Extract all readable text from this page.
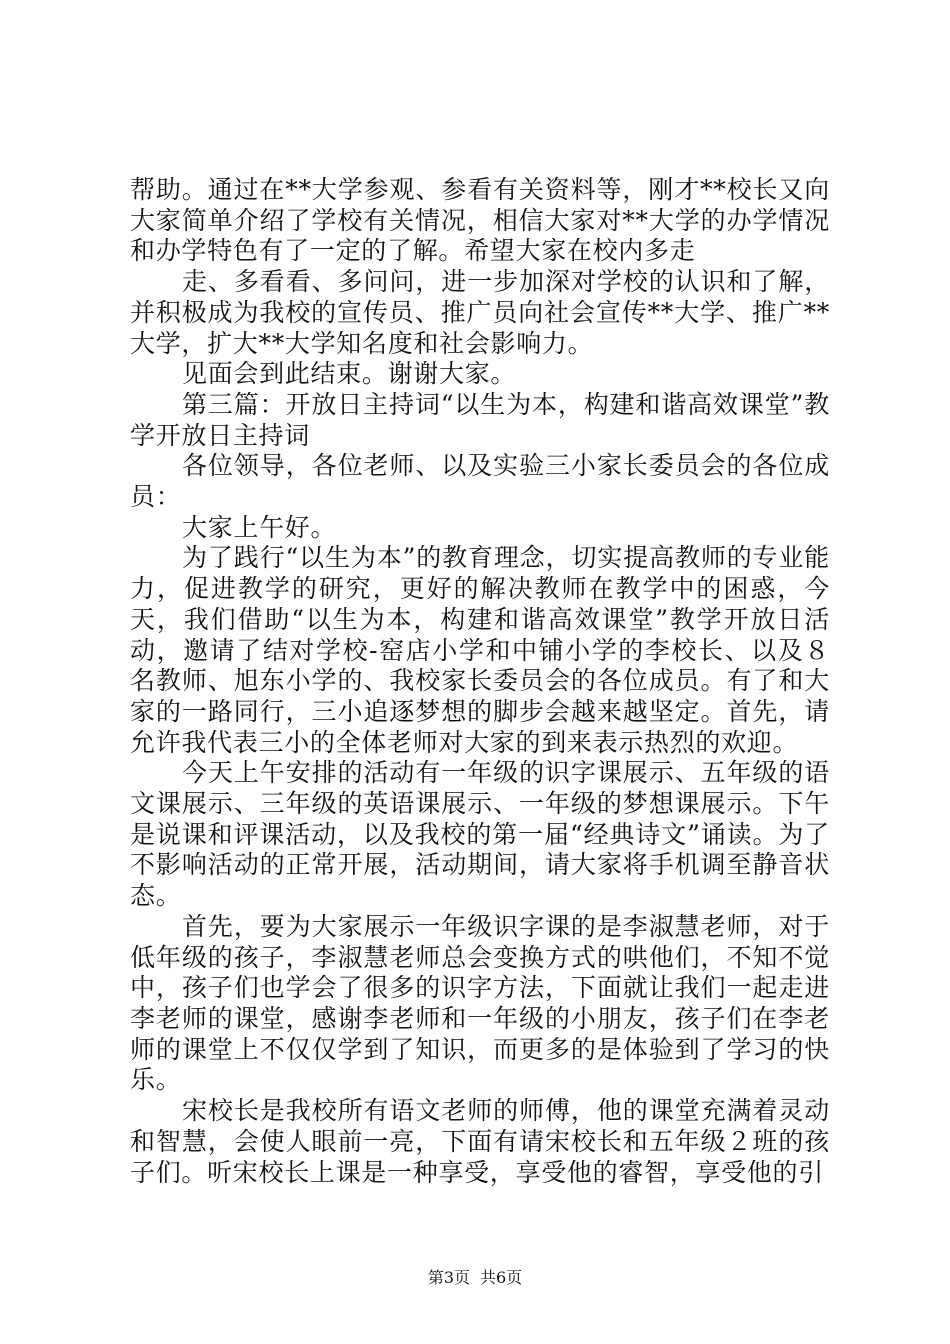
帮助。通过在**大学参观、参看有关资料等，刚才**校长又向大家简单介绍了学校有关情况，相信大家对**大学的办学情况和办学特色有了一定的了解。希望大家在校内多走

走、多看看、多问问，进一步加深对学校的认识和了解，并积极成为我校的宣传员、推广员向社会宣传**大学、推广**大学，扩大**大学知名度和社会影响力。

见面会到此结束。谢谢大家。

第三篇：开放日主持词“以生为本，构建和谐高效课堂”教学开放日主持词

各位领导，各位老师、以及实验三小家长委员会的各位成员：

大家上午好。

为了践行“以生为本”的教育理念，切实提高教师的专业能力，促进教学的研究，更好的解决教师在教学中的困惑，今天，我们借助“以生为本，构建和谐高效课堂”教学开放日活动，邀请了结对学校-窑店小学和中铺小学的李校长、以及８名教师、旭东小学的、我校家长委员会的各位成员。有了和大家的一路同行，三小追逐梦想的脚步会越来越坚定。首先，请允许我代表三小的全体老师对大家的到来表示热烈的欢迎。

今天上午安排的活动有一年级的识字课展示、五年级的语文课展示、三年级的英语课展示、一年级的梦想课展示。下午是说课和评课活动，以及我校的第一届“经典诗文”诵读。为了不影响活动的正常开展，活动期间，请大家将手机调至静音状态。

首先，要为大家展示一年级识字课的是李淑慧老师，对于低年级的孩子，李淑慧老师总会变换方式的哄他们，不知不觉中，孩子们也学会了很多的识字方法，下面就让我们一起走进李老师的课堂，感谢李老师和一年级的小朋友，孩子们在李老师的课堂上不仅仅学到了知识，而更多的是体验到了学习的快乐。

宋校长是我校所有语文老师的师傅，他的课堂充满着灵动和智慧，会使人眼前一亮，下面有请宋校长和五年级２班的孩子们。听宋校长上课是一种享受，享受他的睿智，享受他的引

第3页 共6页
